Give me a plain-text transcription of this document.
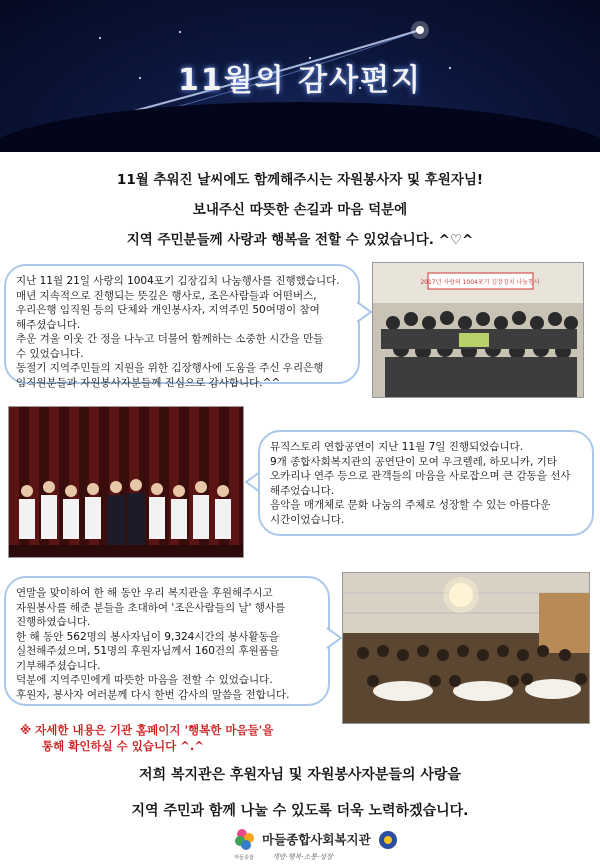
11월의 감사편지
11월 추워진 날씨에도 함께해주시는 자원봉사자 및 후원자님!
보내주신 따뜻한 손길과 마음 덕분에
지역 주민분들께 사랑과 행복을 전할 수 있었습니다. ^♡^
지난 11월 21일 사랑의 1004포기 김장김치 나눔행사를 진행했습니다.
매년 지속적으로 진행되는 뜻깊은 행사로, 조은사람들과 어떤버스,
우리은행 임직원 등의 단체와 개인봉사자, 지역주민 50여명이 참여
해주셨습니다.
추운 겨울 이웃 간 정을 나누고 더불어 함께하는 소중한 시간을 만들
수 있었습니다.
동절기 지역주민들의 지원을 위한 김장행사에 도움을 주신 우리은행
임직원분들과 자원봉사자분들께 진심으로 감사합니다.^^
2017년 사랑의 1004포기 김장김치 나눔행사
뮤직스토리 연합공연이 지난 11월 7일 진행되었습니다.
9개 종합사회복지관의 공연단이 모여 우크렐레, 하모니카, 기타
오카리나 연주 등으로 관객들의 마음을 사로잡으며 큰 감동을 선사
해주었습니다.
음악을 매개체로 문화 나눔의 주체로 성장할 수 있는 아름다운
시간이었습니다.
연말을 맞이하여 한 해 동안 우리 복지관을 후원해주시고
자원봉사를 해준 분들을 초대하여 '조은사람들의 날' 행사를
진행하였습니다.
한 해 동안 562명의 봉사자님이 9,324시간의 봉사활동을
실천해주셨으며, 51명의 후원자님께서 160건의 후원품을
기부해주셨습니다.
덕분에 지역주민에게 따뜻한 마음을 전할 수 있었습니다.
후원자, 봉사자 여러분께 다시 한번 감사의 말씀을 전합니다.
※ 자세한 내용은 기관 홈페이지 '행복한 마음들'을
통해 확인하실 수 있습니다 ^.^
저희 복지관은 후원자님 및 자원봉사자분들의 사랑을
지역 주민과 함께 나눌 수 있도록 더욱 노력하겠습니다.
마들종합
마들종합사회복지관
개방·행복·소통·성장
